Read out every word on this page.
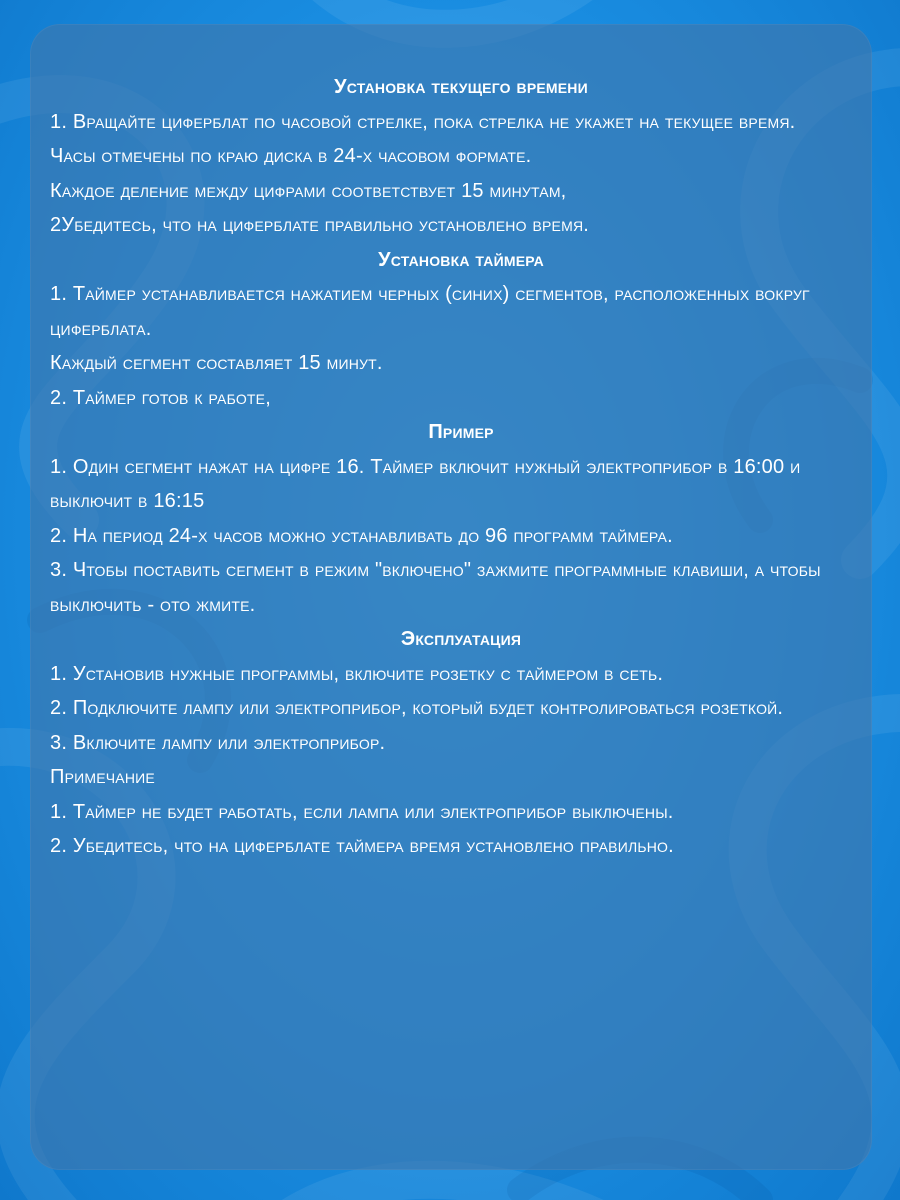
Установка текущего времени

1. Вращайте циферблат по часовой стрелке, пока стрелка не укажет на текущее время.

Часы отмечены по краю диска в 24-х часовом формате.

Каждое деление между цифрами соответствует 15 минутам,

2Убедитесь, что на циферблате правильно установлено время.

Установка таймера

1. Таймер устанавливается нажатием черных (синих) сегментов, расположенных вокруг циферблата.

Каждый сегмент составляет 15 минут.

2. Таймер готов к работе,

Пример

1. Один сегмент нажат на цифре 16. Таймер включит нужный электроприбор в 16:00 и выключит в 16:15

2. На период 24-х часов можно устанавливать до 96 программ таймера.

3. Чтобы поставить сегмент в режим "включено" зажмите программные клавиши, а чтобы выключить - ото жмите.

Эксплуатация

1. Установив нужные программы, включите розетку с таймером в сеть.

2. Подключите лампу или электроприбор, который будет контролироваться розеткой.

3. Включите лампу или электроприбор.

Примечание

1. Таймер не будет работать, если лампа или электроприбор выключены.

2. Убедитесь, что на циферблате таймера время установлено правильно.
